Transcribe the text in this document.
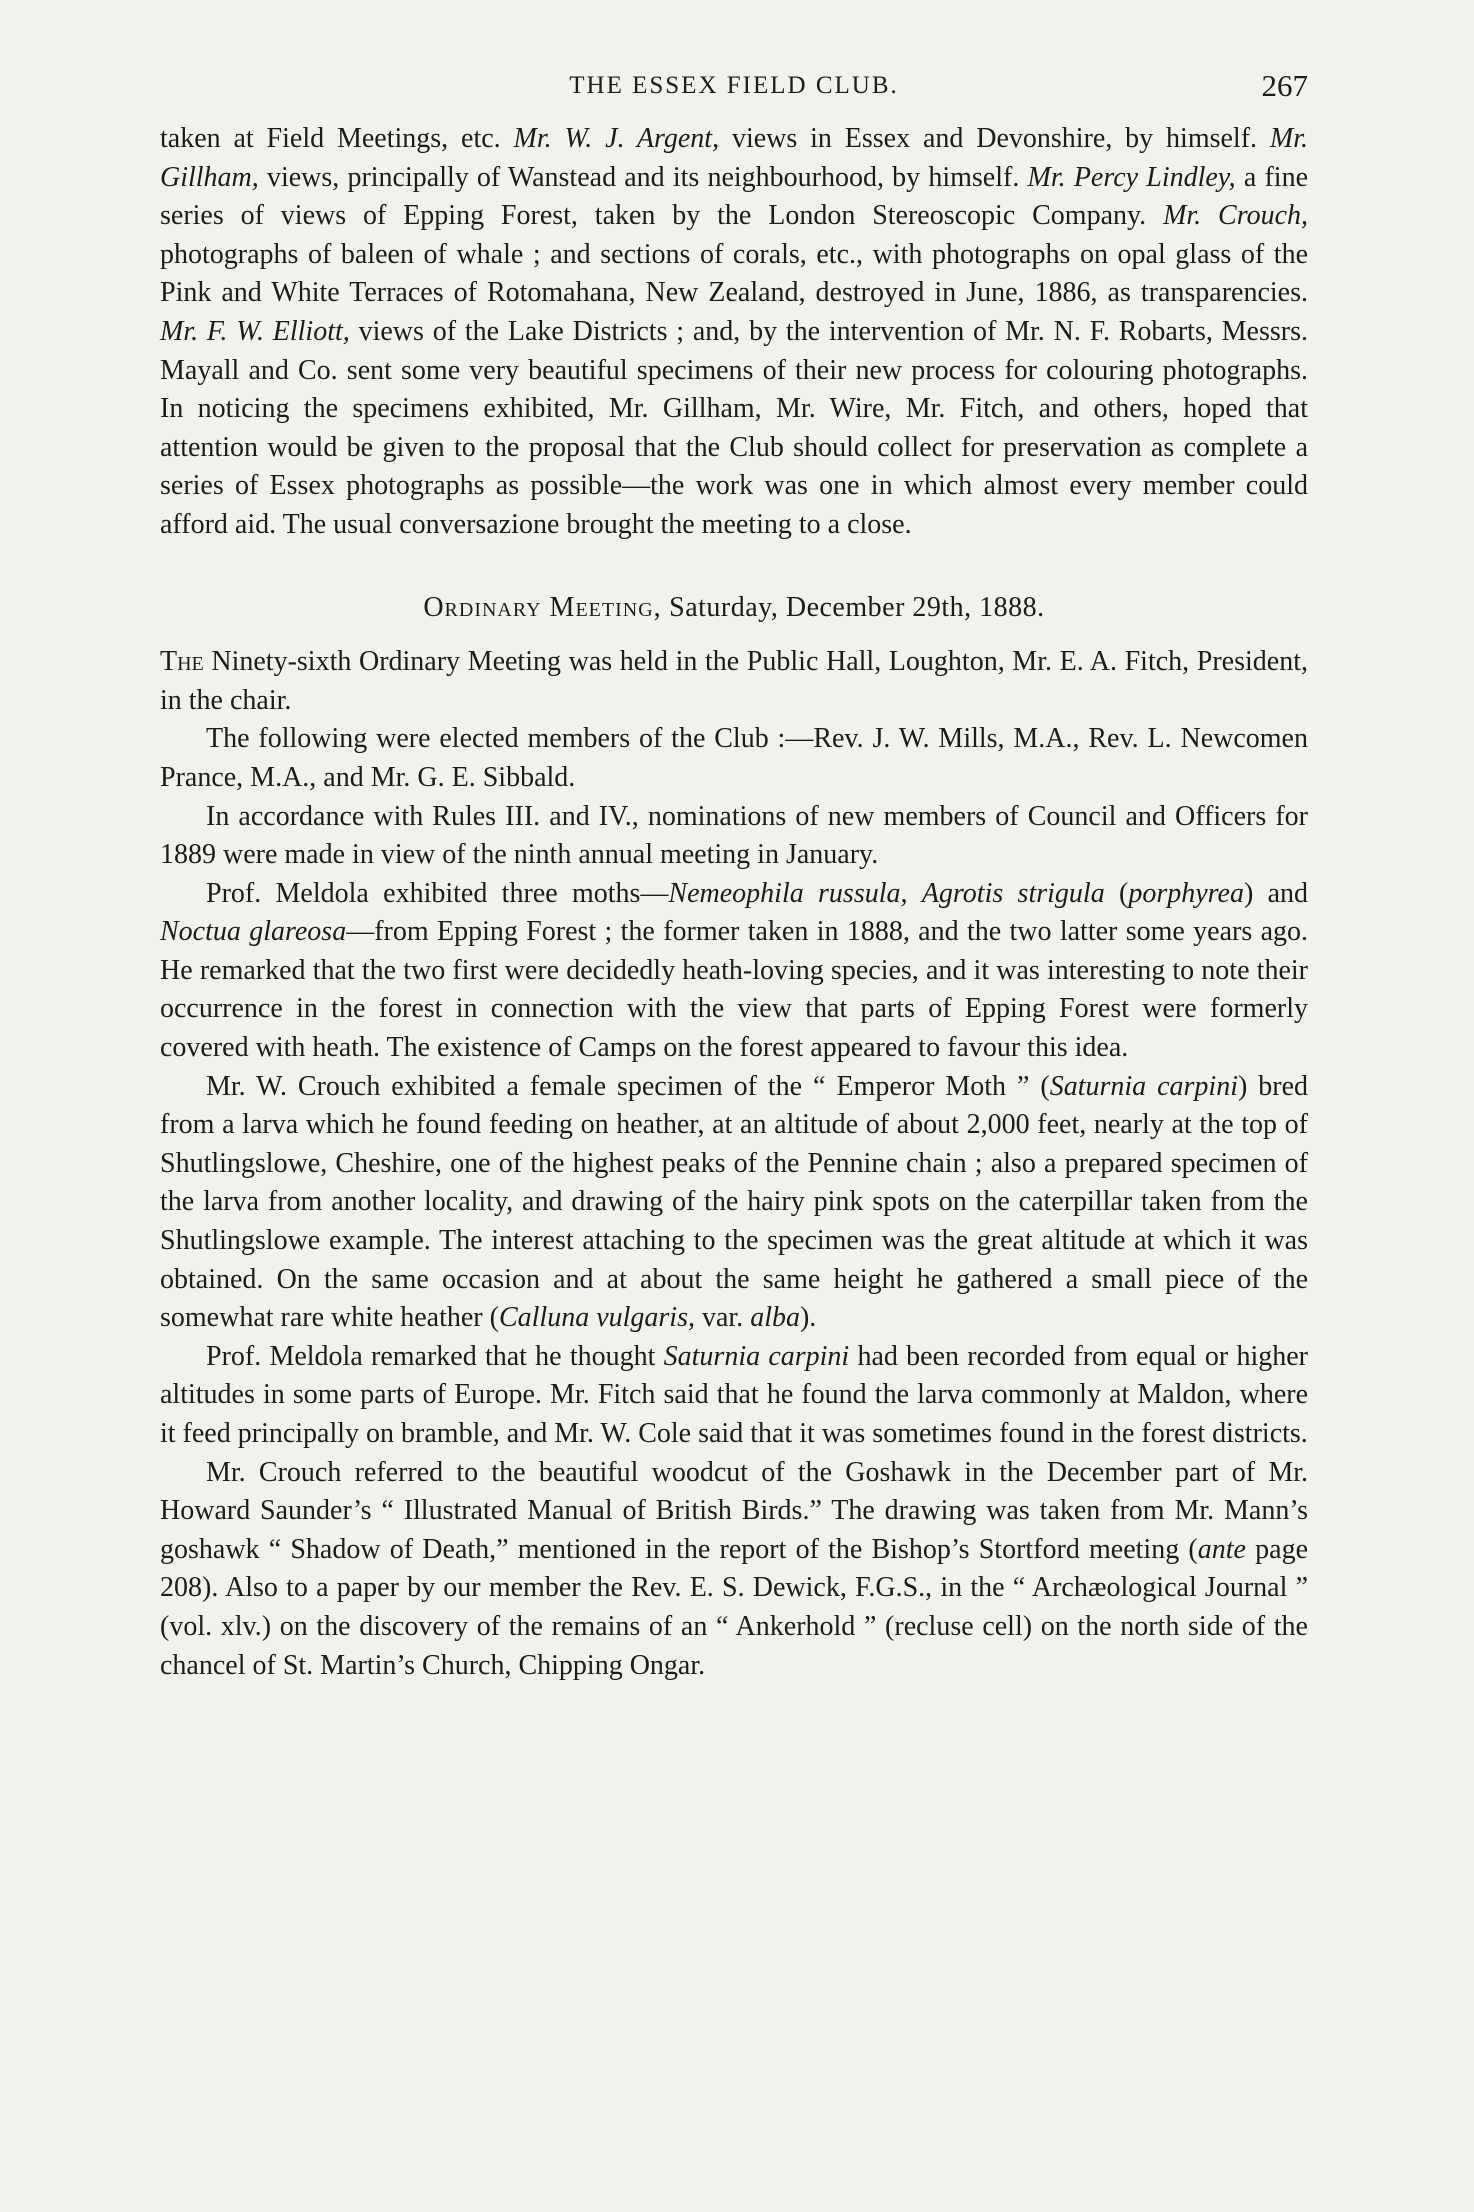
THE ESSEX FIELD CLUB.	267

taken at Field Meetings, etc. Mr. W. J. Argent, views in Essex and Devonshire, by himself. Mr. Gillham, views, principally of Wanstead and its neighbourhood, by himself. Mr. Percy Lindley, a fine series of views of Epping Forest, taken by the London Stereoscopic Company. Mr. Crouch, photographs of baleen of whale ; and sections of corals, etc., with photographs on opal glass of the Pink and White Terraces of Rotomahana, New Zealand, destroyed in June, 1886, as transparencies. Mr. F. W. Elliott, views of the Lake Districts ; and, by the intervention of Mr. N. F. Robarts, Messrs. Mayall and Co. sent some very beautiful specimens of their new process for colouring photographs. In noticing the specimens exhibited, Mr. Gillham, Mr. Wire, Mr. Fitch, and others, hoped that attention would be given to the proposal that the Club should collect for preservation as complete a series of Essex photographs as possible—the work was one in which almost every member could afford aid. The usual conversazione brought the meeting to a close.

Ordinary Meeting, Saturday, December 29th, 1888.

The Ninety-sixth Ordinary Meeting was held in the Public Hall, Loughton, Mr. E. A. Fitch, President, in the chair.

The following were elected members of the Club :—Rev. J. W. Mills, M.A., Rev. L. Newcomen Prance, M.A., and Mr. G. E. Sibbald.

In accordance with Rules III. and IV., nominations of new members of Council and Officers for 1889 were made in view of the ninth annual meeting in January.

Prof. Meldola exhibited three moths—Nemeophila russula, Agrotis strigula (porphyrea) and Noctua glareosa—from Epping Forest ; the former taken in 1888, and the two latter some years ago. He remarked that the two first were decidedly heath-loving species, and it was interesting to note their occurrence in the forest in connection with the view that parts of Epping Forest were formerly covered with heath. The existence of Camps on the forest appeared to favour this idea.

Mr. W. Crouch exhibited a female specimen of the “ Emperor Moth ” (Saturnia carpini) bred from a larva which he found feeding on heather, at an altitude of about 2,000 feet, nearly at the top of Shutlingslowe, Cheshire, one of the highest peaks of the Pennine chain ; also a prepared specimen of the larva from another locality, and drawing of the hairy pink spots on the caterpillar taken from the Shutlingslowe example. The interest attaching to the specimen was the great altitude at which it was obtained. On the same occasion and at about the same height he gathered a small piece of the somewhat rare white heather (Calluna vulgaris, var. alba).

Prof. Meldola remarked that he thought Saturnia carpini had been recorded from equal or higher altitudes in some parts of Europe. Mr. Fitch said that he found the larva commonly at Maldon, where it feed principally on bramble, and Mr. W. Cole said that it was sometimes found in the forest districts.

Mr. Crouch referred to the beautiful woodcut of the Goshawk in the December part of Mr. Howard Saunder’s “ Illustrated Manual of British Birds.” The drawing was taken from Mr. Mann’s goshawk “ Shadow of Death,” mentioned in the report of the Bishop’s Stortford meeting (ante page 208). Also to a paper by our member the Rev. E. S. Dewick, F.G.S., in the “ Archæological Journal ” (vol. xlv.) on the discovery of the remains of an “ Ankerhold ” (recluse cell) on the north side of the chancel of St. Martin’s Church, Chipping Ongar.
